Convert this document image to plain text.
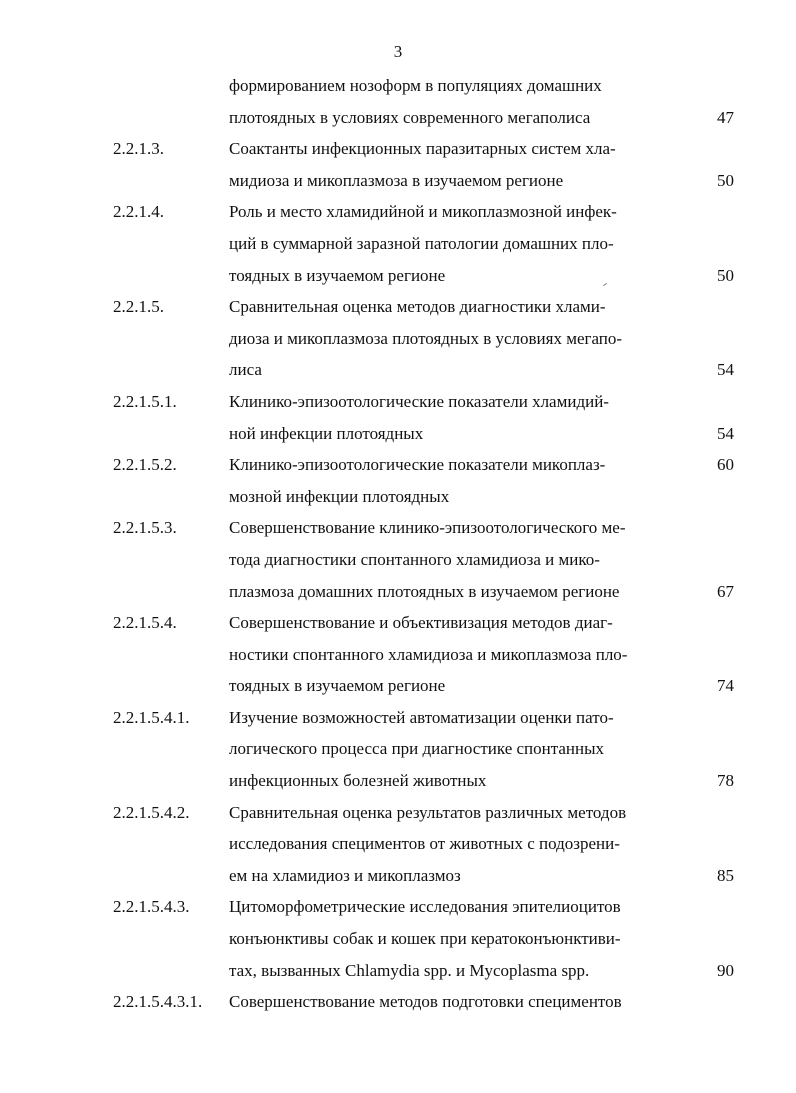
3
формированием нозоформ в популяциях домашних
плотоядных в условиях современного мегаполиса	47
2.2.1.3.	Соактанты инфекционных паразитарных систем хла-
мидиоза и микоплазмоза в изучаемом регионе	50
2.2.1.4.	Роль и место хламидийной и микоплазмозной инфек-
ций в суммарной заразной патологии домашних пло-
тоядных в изучаемом регионе	50
2.2.1.5.	Сравнительная оценка методов диагностики хлами-
диоза и микоплазмоза плотоядных в условиях мегапо-
лиса	54
2.2.1.5.1.	Клинико-эпизоотологические показатели хламидий-
ной инфекции плотоядных	54
2.2.1.5.2.	Клинико-эпизоотологические показатели микоплаз-	60
мозной инфекции плотоядных
2.2.1.5.3.	Совершенствование клинико-эпизоотологического ме-
тода диагностики спонтанного хламидиоза и мико-
плазмоза домашних плотоядных в изучаемом регионе	67
2.2.1.5.4.	Совершенствование и объективизация методов диаг-
ностики спонтанного хламидиоза и микоплазмоза пло-
тоядных в изучаемом регионе	74
2.2.1.5.4.1. Изучение возможностей автоматизации оценки пато-
логического процесса при диагностике спонтанных
инфекционных болезней животных	78
2.2.1.5.4.2. Сравнительная оценка результатов различных методов
исследования специментов от животных с подозрени-
ем на хламидиоз и микоплазмоз	85
2.2.1.5.4.3. Цитоморфометрические исследования эпителиоцитов
конъюнктивы собак и кошек при кератоконъюнктиви-
тах, вызванных Chlamydia spp. и Mycoplasma spp.	90
2.2.1.5.4.3.1. Совершенствование методов подготовки специментов
